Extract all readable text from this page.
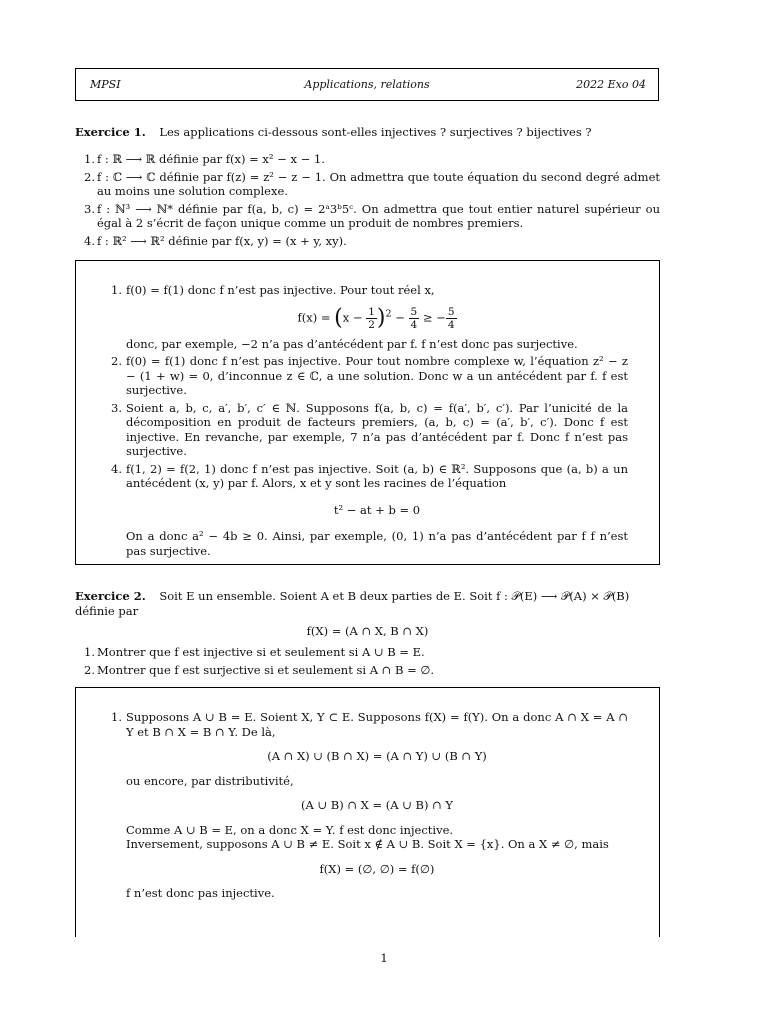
MPSI	Applications, relations	2022 Exo 04
Exercice 1. Les applications ci-dessous sont-elles injectives ? surjectives ? bijectives ?
1. f : ℝ ⟶ ℝ définie par f(x) = x² − x − 1.
2. f : ℂ ⟶ ℂ définie par f(z) = z² − z − 1. On admettra que toute équation du second degré admet au moins une solution complexe.
3. f : ℕ³ ⟶ ℕ* définie par f(a, b, c) = 2ᵃ3ᵇ5ᶜ. On admettra que tout entier naturel supérieur ou égal à 2 s’écrit de façon unique comme un produit de nombres premiers.
4. f : ℝ² ⟶ ℝ² définie par f(x, y) = (x + y, xy).
1. f(0) = f(1) donc f n’est pas injective. Pour tout réel x,
$f(x) = (x - \frac{1}{2} )^2 - \frac{5}{4}$ ≥ − $\frac{5}{4}$
donc, par exemple, −2 n’a pas d’antécédent par f. f n’est donc pas surjective.
2. f(0) = f(1) donc f n’est pas injective. Pour tout nombre complexe w, l’équation z² − z − (1 + w) = 0, d’inconnue z ∈ ℂ, a une solution. Donc w a un antécédent par f. f est surjective.
3. Soient a, b, c, a′, b′, c′ ∈ ℕ. Supposons f(a, b, c) = f(a′, b′, c′). Par l’unicité de la décomposition en produit de facteurs premiers, (a, b, c) = (a′, b′, c′). Donc f est injective. En revanche, par exemple, 7 n’a pas d’antécédent par f. Donc f n’est pas surjective.
4. f(1, 2) = f(2, 1) donc f n’est pas injective. Soit (a, b) ∈ ℝ². Supposons que (a, b) a un antécédent (x, y) par f. Alors, x et y sont les racines de l’équation
t² − at + b = 0
On a donc a² − 4b ≥ 0. Ainsi, par exemple, (0, 1) n’a pas d’antécédent par f f n’est pas surjective.
Exercice 2. Soit E un ensemble. Soient A et B deux parties de E. Soit f : 𝒫(E) ⟶ 𝒫(A) × 𝒫(B) définie par
f(X) = (A ∩ X, B ∩ X)
1. Montrer que f est injective si et seulement si A ∪ B = E.
2. Montrer que f est surjective si et seulement si A ∩ B = ∅.
1. Supposons A ∪ B = E. Soient X, Y ⊂ E. Supposons f(X) = f(Y). On a donc A ∩ X = A ∩ Y et B ∩ X = B ∩ Y. De là,
(A ∩ X) ∪ (B ∩ X) = (A ∩ Y) ∪ (B ∩ Y)
ou encore, par distributivité,
(A ∪ B) ∩ X = (A ∪ B) ∩ Y
Comme A ∪ B = E, on a donc X = Y. f est donc injective.
Inversement, supposons A ∪ B ≠ E. Soit x ∉ A ∪ B. Soit X = {x}. On a X ≠ ∅, mais
f(X) = (∅, ∅) = f(∅)
f n’est donc pas injective.
1
